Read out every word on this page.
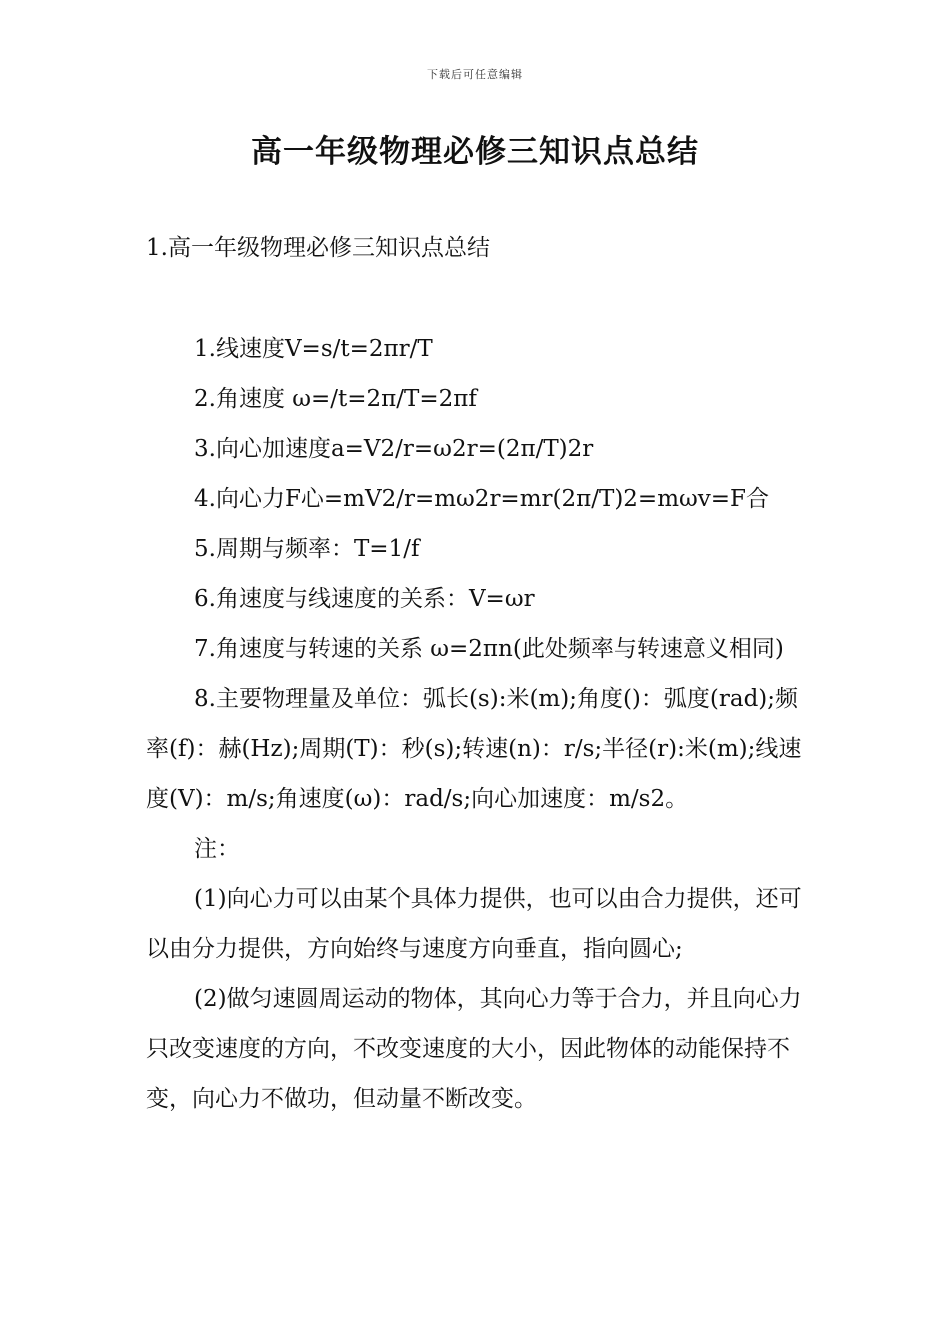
下载后可任意编辑
高一年级物理必修三知识点总结
1.高一年级物理必修三知识点总结

1.线速度V=s/t=2πr/T

2.角速度 ω=/t=2π/T=2πf

3.向心加速度a=V2/r=ω2r=(2π/T)2r

4.向心力F心=mV2/r=mω2r=mr(2π/T)2=mωv=F合

5.周期与频率：T=1/f

6.角速度与线速度的关系：V=ωr

7.角速度与转速的关系 ω=2πn(此处频率与转速意义相同)

8.主要物理量及单位：弧长(s):米(m);角度()：弧度(rad);频率(f)：赫(Hz);周期(T)：秒(s);转速(n)：r/s;半径(r):米(m);线速度(V)：m/s;角速度(ω)：rad/s;向心加速度：m/s2。

注：

(1)向心力可以由某个具体力提供，也可以由合力提供，还可以由分力提供，方向始终与速度方向垂直，指向圆心;

(2)做匀速圆周运动的物体，其向心力等于合力，并且向心力只改变速度的方向，不改变速度的大小，因此物体的动能保持不变，向心力不做功，但动量不断改变。
